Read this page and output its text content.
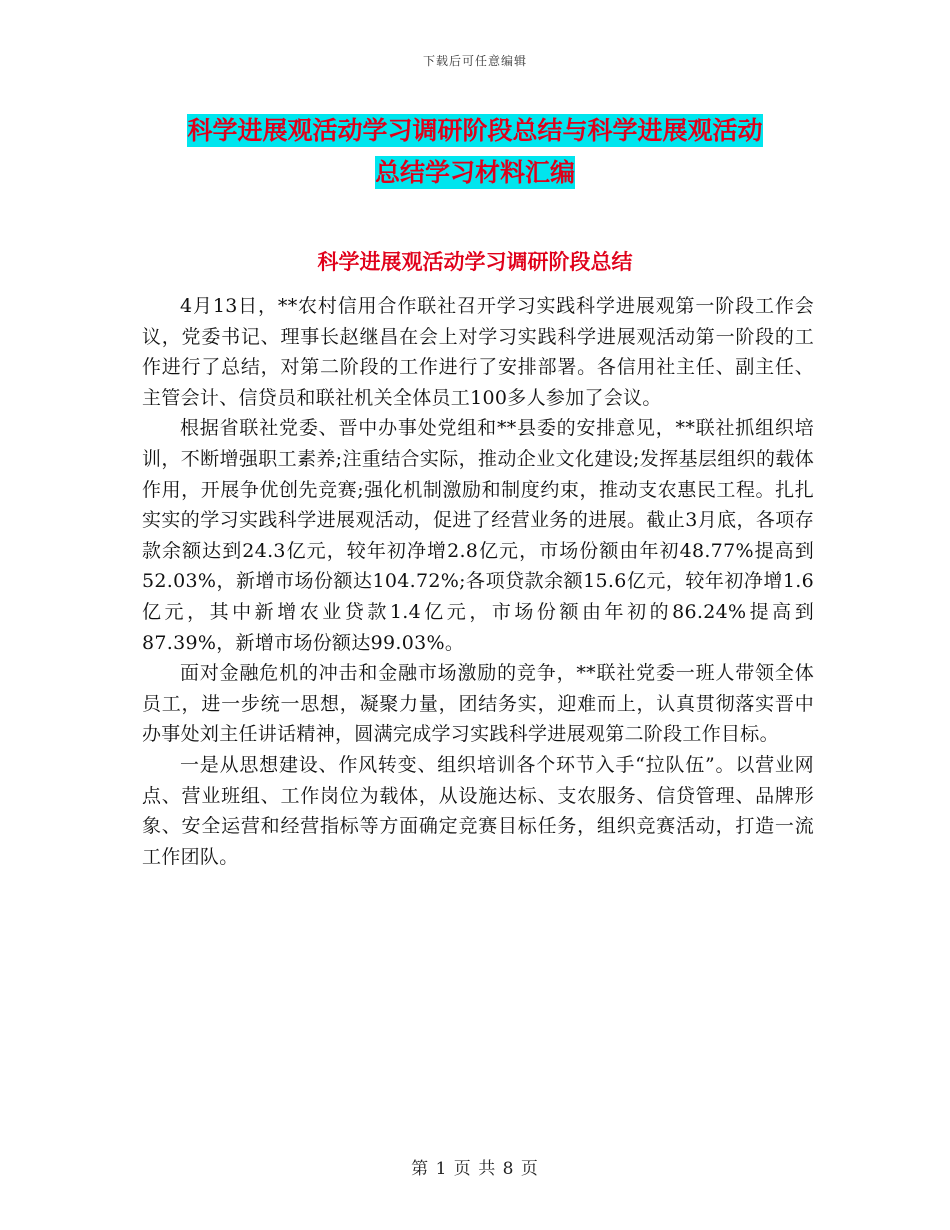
下载后可任意编辑
科学进展观活动学习调研阶段总结与科学进展观活动
总结学习材料汇编
科学进展观活动学习调研阶段总结

4月13日，**农村信用合作联社召开学习实践科学进展观第一阶段工作会议，党委书记、理事长赵继昌在会上对学习实践科学进展观活动第一阶段的工作进行了总结，对第二阶段的工作进行了安排部署。各信用社主任、副主任、主管会计、信贷员和联社机关全体员工100多人参加了会议。

根据省联社党委、晋中办事处党组和**县委的安排意见，**联社抓组织培训，不断增强职工素养;注重结合实际，推动企业文化建设;发挥基层组织的载体作用，开展争优创先竞赛;强化机制激励和制度约束，推动支农惠民工程。扎扎实实的学习实践科学进展观活动，促进了经营业务的进展。截止3月底，各项存款余额达到24.3亿元，较年初净增2.8亿元，市场份额由年初48.77%提高到52.03%，新增市场份额达104.72%;各项贷款余额15.6亿元，较年初净增1.6亿元，其中新增农业贷款1.4亿元，市场份额由年初的86.24%提高到87.39%，新增市场份额达99.03%。

面对金融危机的冲击和金融市场激励的竞争，**联社党委一班人带领全体员工，进一步统一思想，凝聚力量，团结务实，迎难而上，认真贯彻落实晋中办事处刘主任讲话精神，圆满完成学习实践科学进展观第二阶段工作目标。

一是从思想建设、作风转变、组织培训各个环节入手“拉队伍”。以营业网点、营业班组、工作岗位为载体，从设施达标、支农服务、信贷管理、品牌形象、安全运营和经营指标等方面确定竞赛目标任务，组织竞赛活动，打造一流工作团队。

第 1 页 共 8 页
